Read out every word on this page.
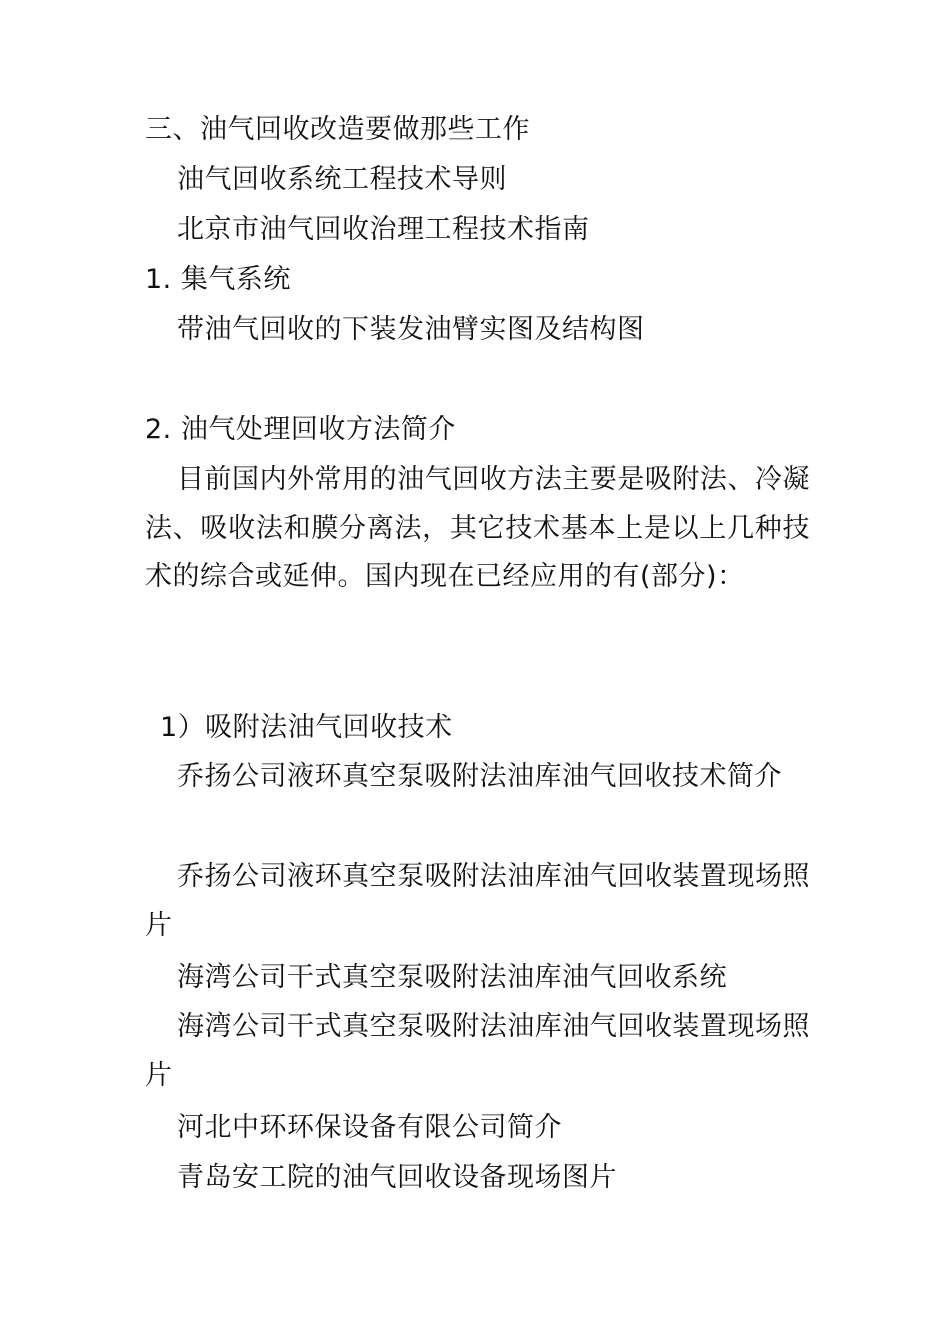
三、油气回收改造要做那些工作
油气回收系统工程技术导则
北京市油气回收治理工程技术指南
1. 集气系统
带油气回收的下装发油臂实图及结构图
2. 油气处理回收方法简介
目前国内外常用的油气回收方法主要是吸附法、冷凝法、吸收法和膜分离法，其它技术基本上是以上几种技术的综合或延伸。国内现在已经应用的有(部分)：
1）吸附法油气回收技术
乔扬公司液环真空泵吸附法油库油气回收技术简介
乔扬公司液环真空泵吸附法油库油气回收装置现场照片
海湾公司干式真空泵吸附法油库油气回收系统
海湾公司干式真空泵吸附法油库油气回收装置现场照片
河北中环环保设备有限公司简介
青岛安工院的油气回收设备现场图片
